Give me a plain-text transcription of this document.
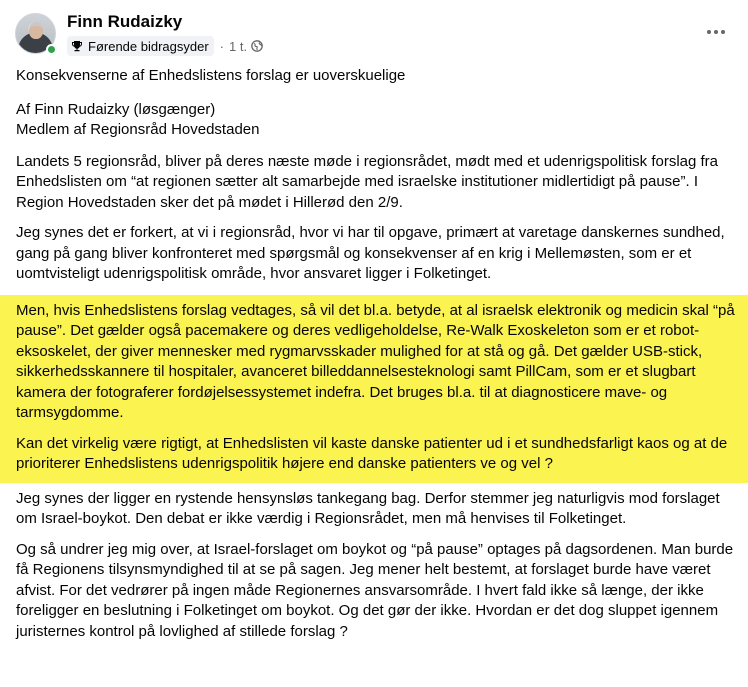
Finn Rudaizky
Førende bidragsyder · 1 t.

Konsekvenserne af Enhedslistens forslag er uoverskuelige

Af Finn Rudaizky (løsgænger)

Medlem af Regionsråd Hovedstaden

Landets 5 regionsråd, bliver på deres næste møde i regionsrådet, mødt med et udenrigspolitisk forslag fra Enhedslisten om “at regionen sætter alt samarbejde med israelske institutioner midlertidigt på pause”. I Region Hovedstaden sker det på mødet i Hillerød den 2/9.

Jeg synes det er forkert, at vi i regionsråd, hvor vi har til opgave, primært at varetage danskernes sundhed, gang på gang bliver konfronteret med spørgsmål og konsekvenser af en krig i Mellemøsten, som er et uomtvisteligt udenrigspolitisk område, hvor ansvaret ligger i Folketinget.

Men, hvis Enhedslistens forslag vedtages, så vil det bl.a. betyde, at al israelsk elektronik og medicin skal “på pause”. Det gælder også pacemakere og deres vedligeholdelse, Re-Walk Exoskeleton som er et robot-eksoskelet, der giver mennesker med rygmarvsskader mulighed for at stå og gå. Det gælder USB-stick, sikkerhedsskannere til hospitaler, avanceret billeddannelsesteknologi samt PillCam, som er et slugbart kamera der fotograferer fordøjelsessystemet indefra. Det bruges bl.a. til at diagnosticere mave- og tarmsygdomme.

Kan det virkelig være rigtigt, at Enhedslisten vil kaste danske patienter ud i et sundhedsfarligt kaos og at de prioriterer Enhedslistens udenrigspolitik højere end danske patienters ve og vel ?

Jeg synes der ligger en rystende hensynsløs tankegang bag. Derfor stemmer jeg naturligvis mod forslaget om Israel-boykot. Den debat er ikke værdig i Regionsrådet, men må henvises til Folketinget.

Og så undrer jeg mig over, at Israel-forslaget om boykot og “på pause” optages på dagsordenen. Man burde få Regionens tilsynsmyndighed til at se på sagen. Jeg mener helt bestemt, at forslaget burde have været afvist. For det vedrører på ingen måde Regionernes ansvarsområde. I hvert fald ikke så længe, der ikke foreligger en beslutning i Folketinget om boykot. Og det gør der ikke. Hvordan er det dog sluppet igennem juristernes kontrol på lovlighed af stillede forslag ?
